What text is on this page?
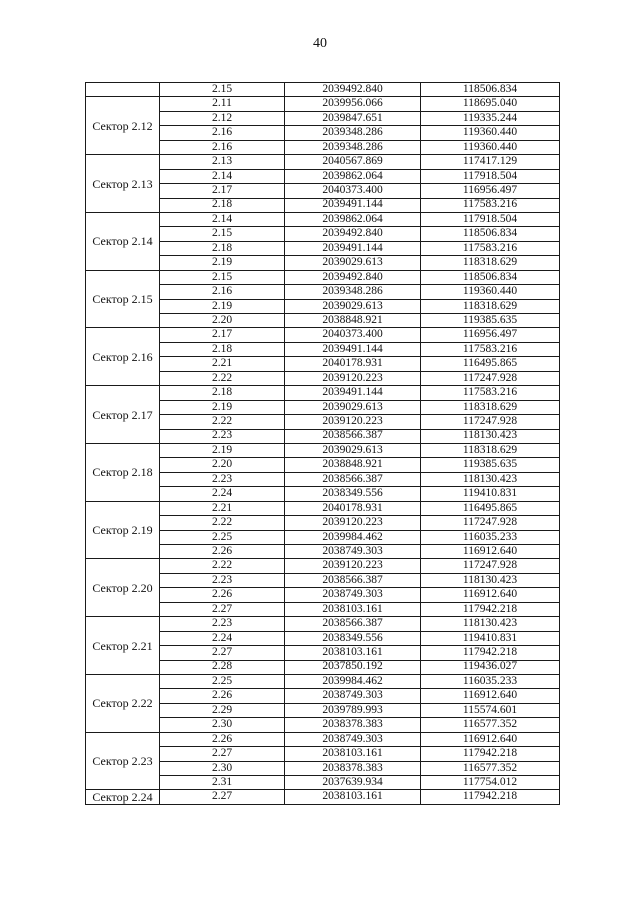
40
	2.15	2039492.840	118506.834
Сектор 2.12	2.11	2039956.066	118695.040
	2.12	2039847.651	119335.244
	2.16	2039348.286	119360.440
	2.16	2039348.286	119360.440
Сектор 2.13	2.13	2040567.869	117417.129
	2.14	2039862.064	117918.504
	2.17	2040373.400	116956.497
	2.18	2039491.144	117583.216
Сектор 2.14	2.14	2039862.064	117918.504
	2.15	2039492.840	118506.834
	2.18	2039491.144	117583.216
	2.19	2039029.613	118318.629
Сектор 2.15	2.15	2039492.840	118506.834
	2.16	2039348.286	119360.440
	2.19	2039029.613	118318.629
	2.20	2038848.921	119385.635
Сектор 2.16	2.17	2040373.400	116956.497
	2.18	2039491.144	117583.216
	2.21	2040178.931	116495.865
	2.22	2039120.223	117247.928
Сектор 2.17	2.18	2039491.144	117583.216
	2.19	2039029.613	118318.629
	2.22	2039120.223	117247.928
	2.23	2038566.387	118130.423
Сектор 2.18	2.19	2039029.613	118318.629
	2.20	2038848.921	119385.635
	2.23	2038566.387	118130.423
	2.24	2038349.556	119410.831
Сектор 2.19	2.21	2040178.931	116495.865
	2.22	2039120.223	117247.928
	2.25	2039984.462	116035.233
	2.26	2038749.303	116912.640
Сектор 2.20	2.22	2039120.223	117247.928
	2.23	2038566.387	118130.423
	2.26	2038749.303	116912.640
	2.27	2038103.161	117942.218
Сектор 2.21	2.23	2038566.387	118130.423
	2.24	2038349.556	119410.831
	2.27	2038103.161	117942.218
	2.28	2037850.192	119436.027
Сектор 2.22	2.25	2039984.462	116035.233
	2.26	2038749.303	116912.640
	2.29	2039789.993	115574.601
	2.30	2038378.383	116577.352
Сектор 2.23	2.26	2038749.303	116912.640
	2.27	2038103.161	117942.218
	2.30	2038378.383	116577.352
	2.31	2037639.934	117754.012
Сектор 2.24	2.27	2038103.161	117942.218
